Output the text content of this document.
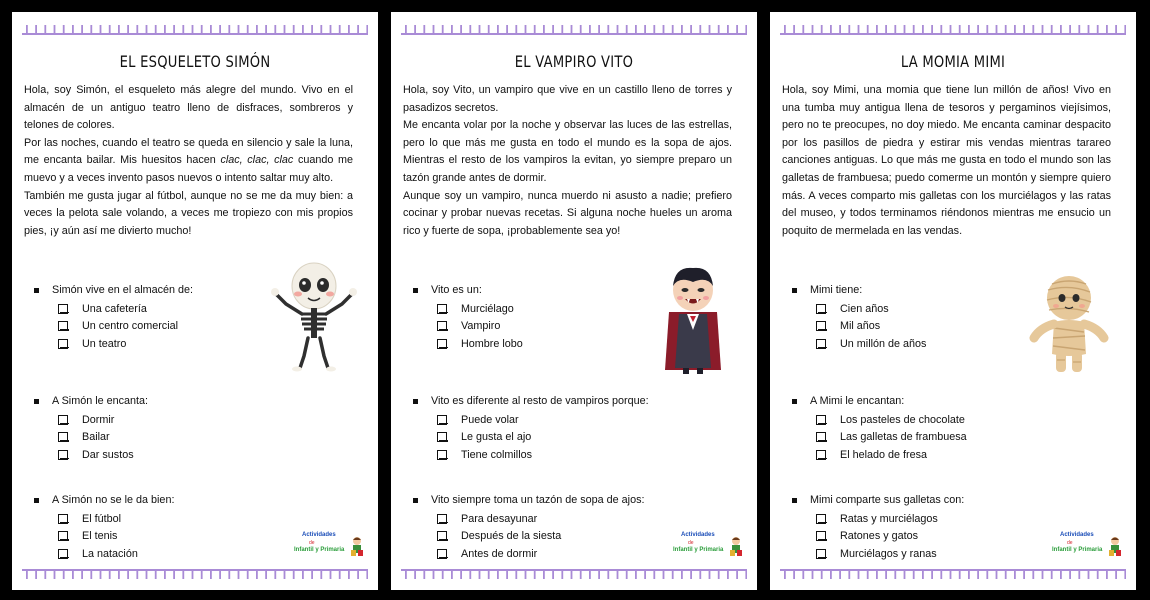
EL ESQUELETO SIMÓN

Hola, soy Simón, el esqueleto más alegre del mundo. Vivo en el almacén de un antiguo teatro lleno de disfraces, sombreros y telones de colores.

Por las noches, cuando el teatro se queda en silencio y sale la luna, me encanta bailar. Mis huesitos hacen clac, clac, clac cuando me muevo y a veces invento pasos nuevos o intento saltar muy alto.

También me gusta jugar al fútbol, aunque no se me da muy bien: a veces la pelota sale volando, a veces me tropiezo con mis propios pies, ¡y aún así me divierto mucho!

Simón vive en el almacén de:
Una cafetería
Un centro comercial
Un teatro
A Simón le encanta:
Dormir
Bailar
Dar sustos
A Simón no se le da bien:
El fútbol
El tenis
La natación
Actividades
de
Infantil y Primaria
EL VAMPIRO VITO

Hola, soy Vito, un vampiro que vive en un castillo lleno de torres y pasadizos secretos.

Me encanta volar por la noche y observar las luces de las estrellas, pero lo que más me gusta en todo el mundo es la sopa de ajos. Mientras el resto de los vampiros la evitan, yo siempre preparo un tazón grande antes de dormir.

Aunque soy un vampiro, nunca muerdo ni asusto a nadie; prefiero cocinar y probar nuevas recetas. Si alguna noche hueles un aroma rico y fuerte de sopa, ¡probablemente sea yo!

Vito es un:
Murciélago
Vampiro
Hombre lobo
Vito es diferente al resto de vampiros porque:
Puede volar
Le gusta el ajo
Tiene colmillos
Vito siempre toma un tazón de sopa de ajos:
Para desayunar
Después de la siesta
Antes de dormir
Actividades
de
Infantil y Primaria
LA MOMIA MIMI

Hola, soy Mimi, una momia que tiene lun millón de años! Vivo en una tumba muy antigua llena de tesoros y pergaminos viejísimos, pero no te preocupes, no doy miedo. Me encanta caminar despacito por los pasillos de piedra y estirar mis vendas mientras tarareo canciones antiguas. Lo que más me gusta en todo el mundo son las galletas de frambuesa; puedo comerme un montón y siempre quiero más. A veces comparto mis galletas con los murciélagos y las ratas del museo, y todos terminamos riéndonos mientras me ensucio un poquito de mermelada en las vendas.

Mimi tiene:
Cien años
Mil años
Un millón de años
A Mimi le encantan:
Los pasteles de chocolate
Las galletas de frambuesa
El helado de fresa
Mimi comparte sus galletas con:
Ratas y murciélagos
Ratones y gatos
Murciélagos y ranas
Actividades
de
Infantil y Primaria
